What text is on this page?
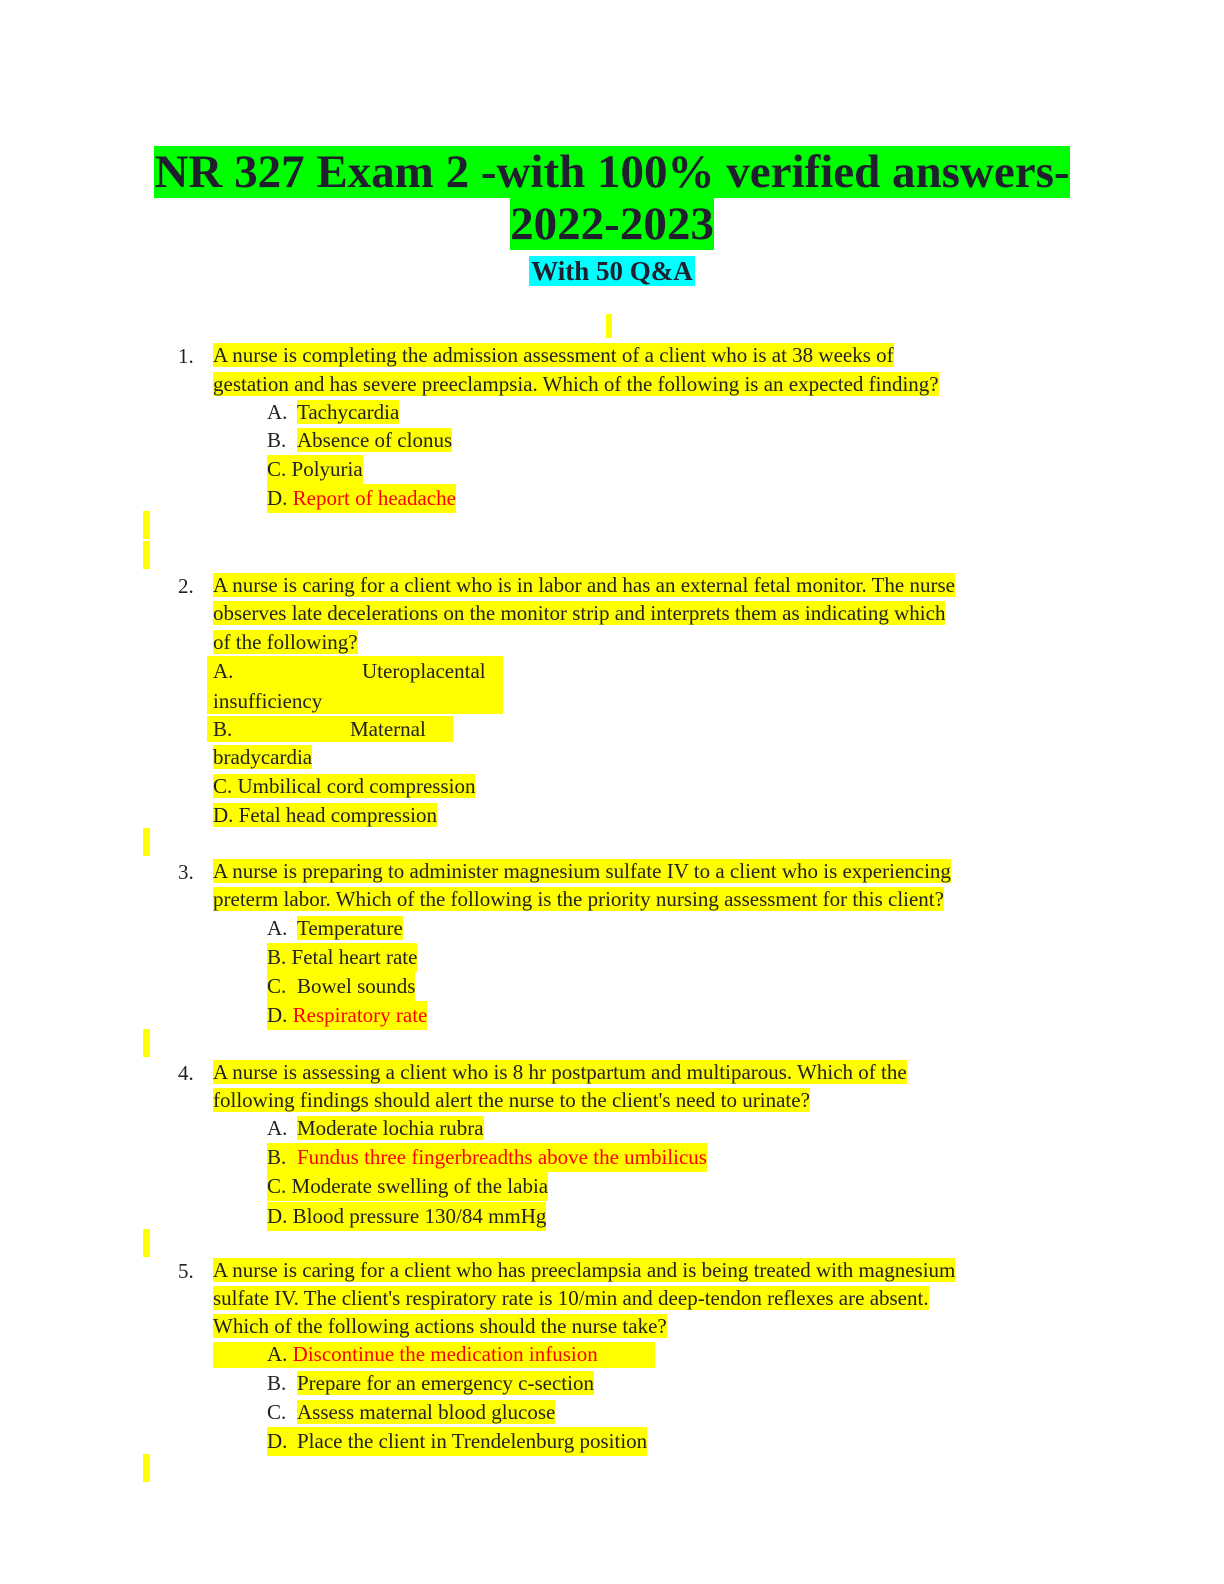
NR 327 Exam 2 -with 100% verified answers-
2022-2023
With 50 Q&A
1. A nurse is completing the admission assessment of a client who is at 38 weeks of
gestation and has severe preeclampsia. Which of the following is an expected finding?
A. Tachycardia
B. Absence of clonus
C. Polyuria
D. Report of headache
2. A nurse is caring for a client who is in labor and has an external fetal monitor. The nurse
observes late decelerations on the monitor strip and interprets them as indicating which
of the following?
A.	Uteroplacental
insufficiency
B.	Maternal
bradycardia
C. Umbilical cord compression
D. Fetal head compression
3. A nurse is preparing to administer magnesium sulfate IV to a client who is experiencing
preterm labor. Which of the following is the priority nursing assessment for this client?
A. Temperature
B. Fetal heart rate
C. Bowel sounds
D. Respiratory rate
4. A nurse is assessing a client who is 8 hr postpartum and multiparous. Which of the
following findings should alert the nurse to the client's need to urinate?
A. Moderate lochia rubra
B. Fundus three fingerbreadths above the umbilicus
C. Moderate swelling of the labia
D. Blood pressure 130/84 mmHg
5. A nurse is caring for a client who has preeclampsia and is being treated with magnesium
sulfate IV. The client's respiratory rate is 10/min and deep-tendon reflexes are absent.
Which of the following actions should the nurse take?
A. Discontinue the medication infusion
B. Prepare for an emergency c-section
C. Assess maternal blood glucose
D. Place the client in Trendelenburg position
